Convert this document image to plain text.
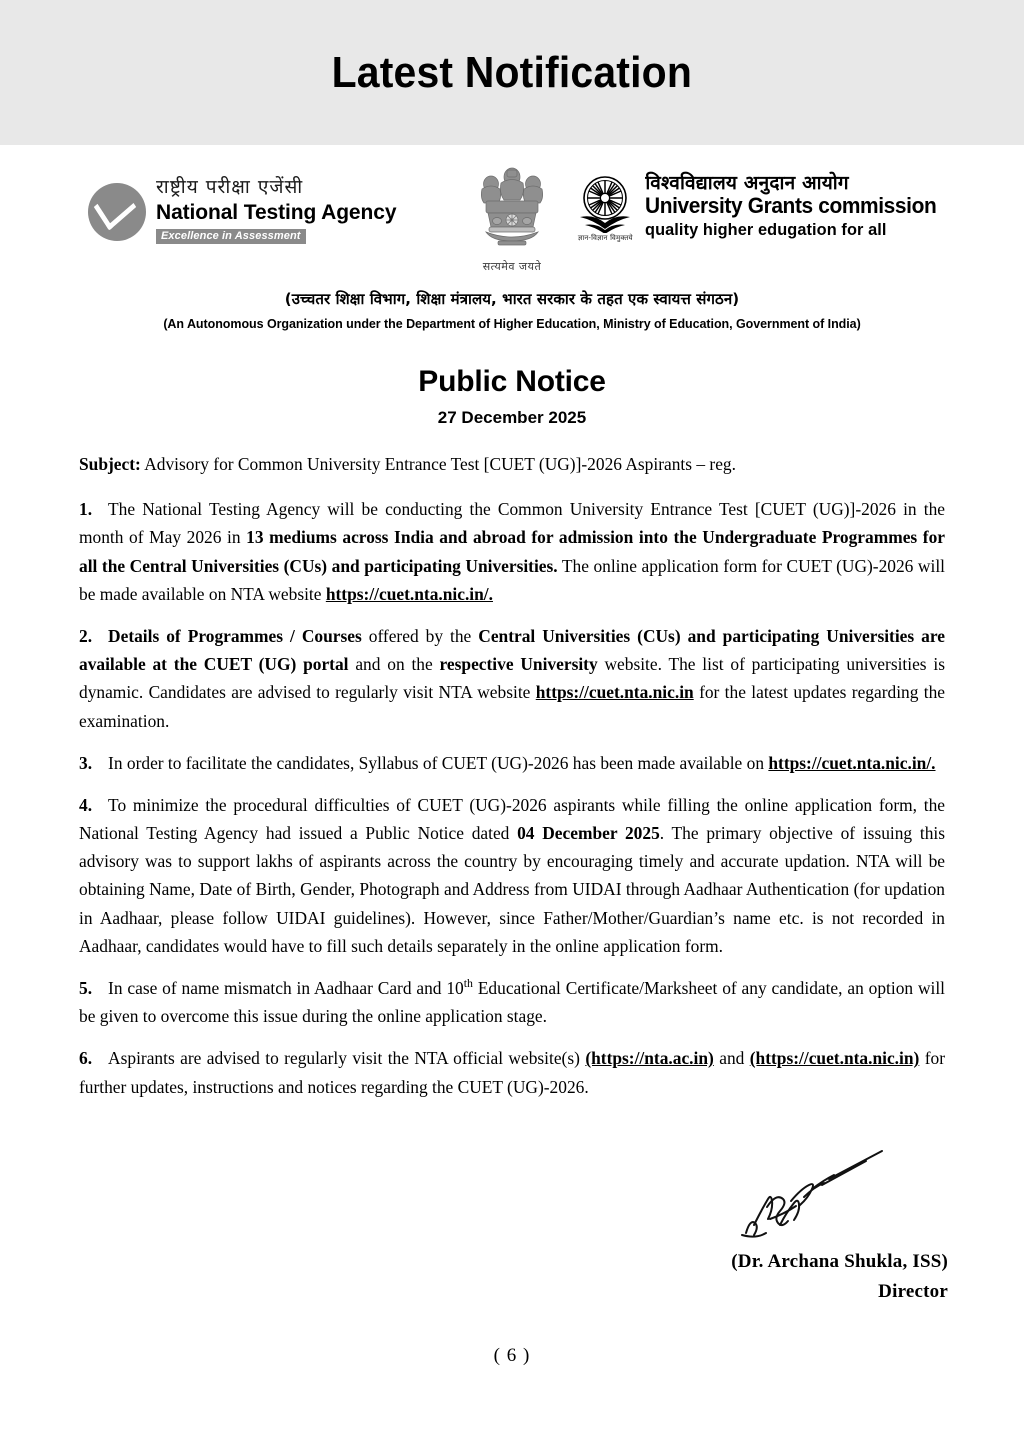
Latest Notification
राष्ट्रीय परीक्षा एजेंसी
National Testing Agency
Excellence in Assessment
सत्यमेव जयते
ज्ञान-विज्ञान विमुक्तये
विश्वविद्यालय अनुदान आयोग
University Grants commission
quality higher edugation for all
(उच्चतर शिक्षा विभाग, शिक्षा मंत्रालय, भारत सरकार के तहत एक स्वायत्त संगठन)
(An Autonomous Organization under the Department of Higher Education, Ministry of Education, Government of India)
Public Notice
27 December 2025
Subject: Advisory for Common University Entrance Test [CUET (UG)]-2026 Aspirants – reg.
1. The National Testing Agency will be conducting the Common University Entrance Test [CUET (UG)]-2026 in the month of May 2026 in 13 mediums across India and abroad for admission into the Undergraduate Programmes for all the Central Universities (CUs) and participating Universities. The online application form for CUET (UG)-2026 will be made available on NTA website https://cuet.nta.nic.in/.
2. Details of Programmes / Courses offered by the Central Universities (CUs) and participating Universities are available at the CUET (UG) portal and on the respective University website. The list of participating universities is dynamic. Candidates are advised to regularly visit NTA website https://cuet.nta.nic.in for the latest updates regarding the examination.
3. In order to facilitate the candidates, Syllabus of CUET (UG)-2026 has been made available on https://cuet.nta.nic.in/.
4. To minimize the procedural difficulties of CUET (UG)-2026 aspirants while filling the online application form, the National Testing Agency had issued a Public Notice dated 04 December 2025. The primary objective of issuing this advisory was to support lakhs of aspirants across the country by encouraging timely and accurate updation. NTA will be obtaining Name, Date of Birth, Gender, Photograph and Address from UIDAI through Aadhaar Authentication (for updation in Aadhaar, please follow UIDAI guidelines). However, since Father/Mother/Guardian’s name etc. is not recorded in Aadhaar, candidates would have to fill such details separately in the online application form.
5. In case of name mismatch in Aadhaar Card and 10th Educational Certificate/Marksheet of any candidate, an option will be given to overcome this issue during the online application stage.
6. Aspirants are advised to regularly visit the NTA official website(s) (https://nta.ac.in) and (https://cuet.nta.nic.in) for further updates, instructions and notices regarding the CUET (UG)-2026.
(Dr. Archana Shukla, ISS)
Director
( 6 )
